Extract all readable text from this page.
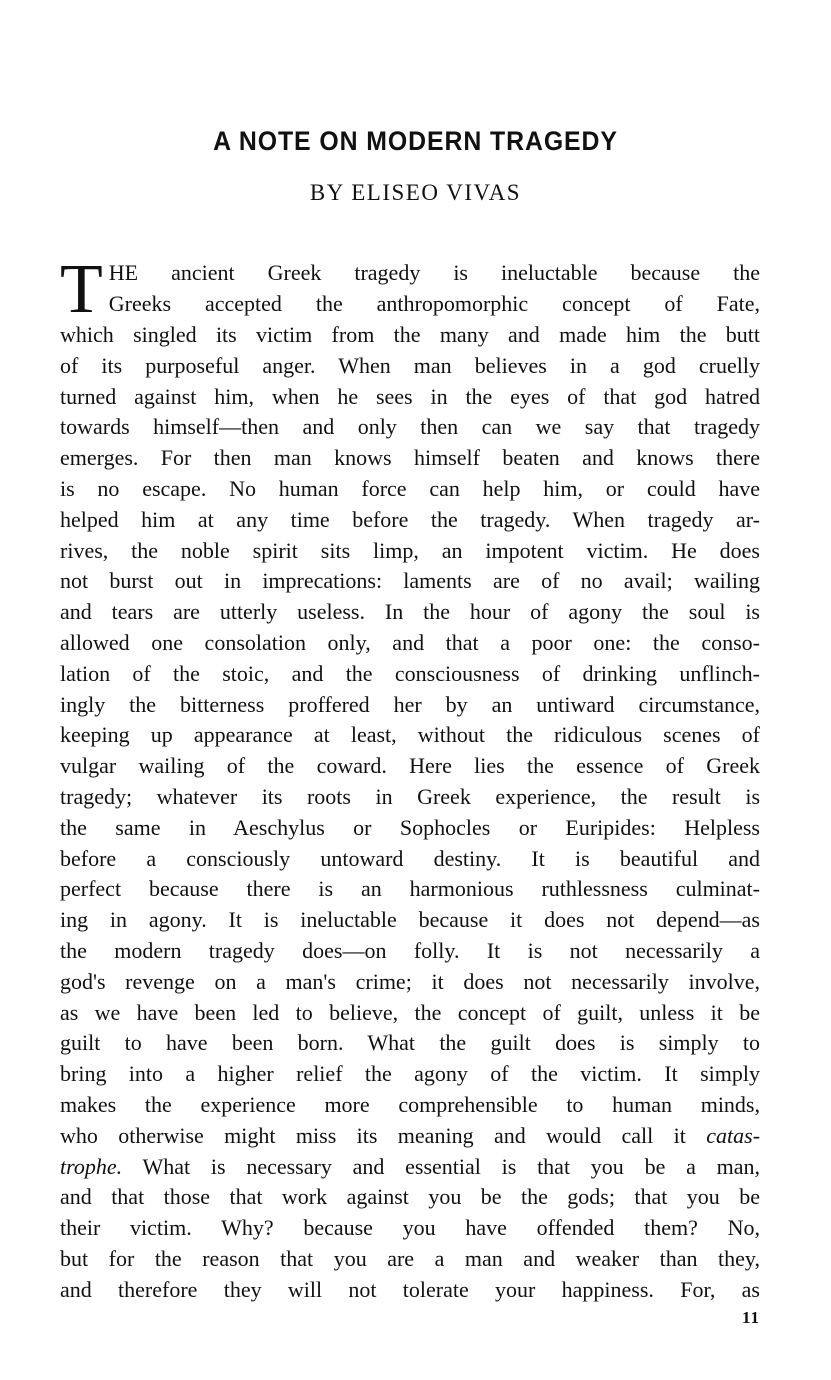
A NOTE ON MODERN TRAGEDY
BY ELISEO VIVAS
T HE ancient Greek tragedy is ineluctable because the
Greeks accepted the anthropomorphic concept of Fate,
which singled its victim from the many and made him the butt
of its purposeful anger. When man believes in a god cruelly
turned against him, when he sees in the eyes of that god hatred
towards himself—then and only then can we say that tragedy
emerges. For then man knows himself beaten and knows there
is no escape. No human force can help him, or could have
helped him at any time before the tragedy. When tragedy ar-
rives, the noble spirit sits limp, an impotent victim. He does
not burst out in imprecations: laments are of no avail; wailing
and tears are utterly useless. In the hour of agony the soul is
allowed one consolation only, and that a poor one: the conso-
lation of the stoic, and the consciousness of drinking unflinch-
ingly the bitterness proffered her by an untiward circumstance,
keeping up appearance at least, without the ridiculous scenes of
vulgar wailing of the coward. Here lies the essence of Greek
tragedy; whatever its roots in Greek experience, the result is
the same in Aeschylus or Sophocles or Euripides: Helpless
before a consciously untoward destiny. It is beautiful and
perfect because there is an harmonious ruthlessness culminat-
ing in agony. It is ineluctable because it does not depend—as
the modern tragedy does—on folly. It is not necessarily a
god's revenge on a man's crime; it does not necessarily involve,
as we have been led to believe, the concept of guilt, unless it be
guilt to have been born. What the guilt does is simply to
bring into a higher relief the agony of the victim. It simply
makes the experience more comprehensible to human minds,
who otherwise might miss its meaning and would call it catas-
trophe. What is necessary and essential is that you be a man,
and that those that work against you be the gods; that you be
their victim. Why? because you have offended them? No,
but for the reason that you are a man and weaker than they,
and therefore they will not tolerate your happiness. For, as
11
